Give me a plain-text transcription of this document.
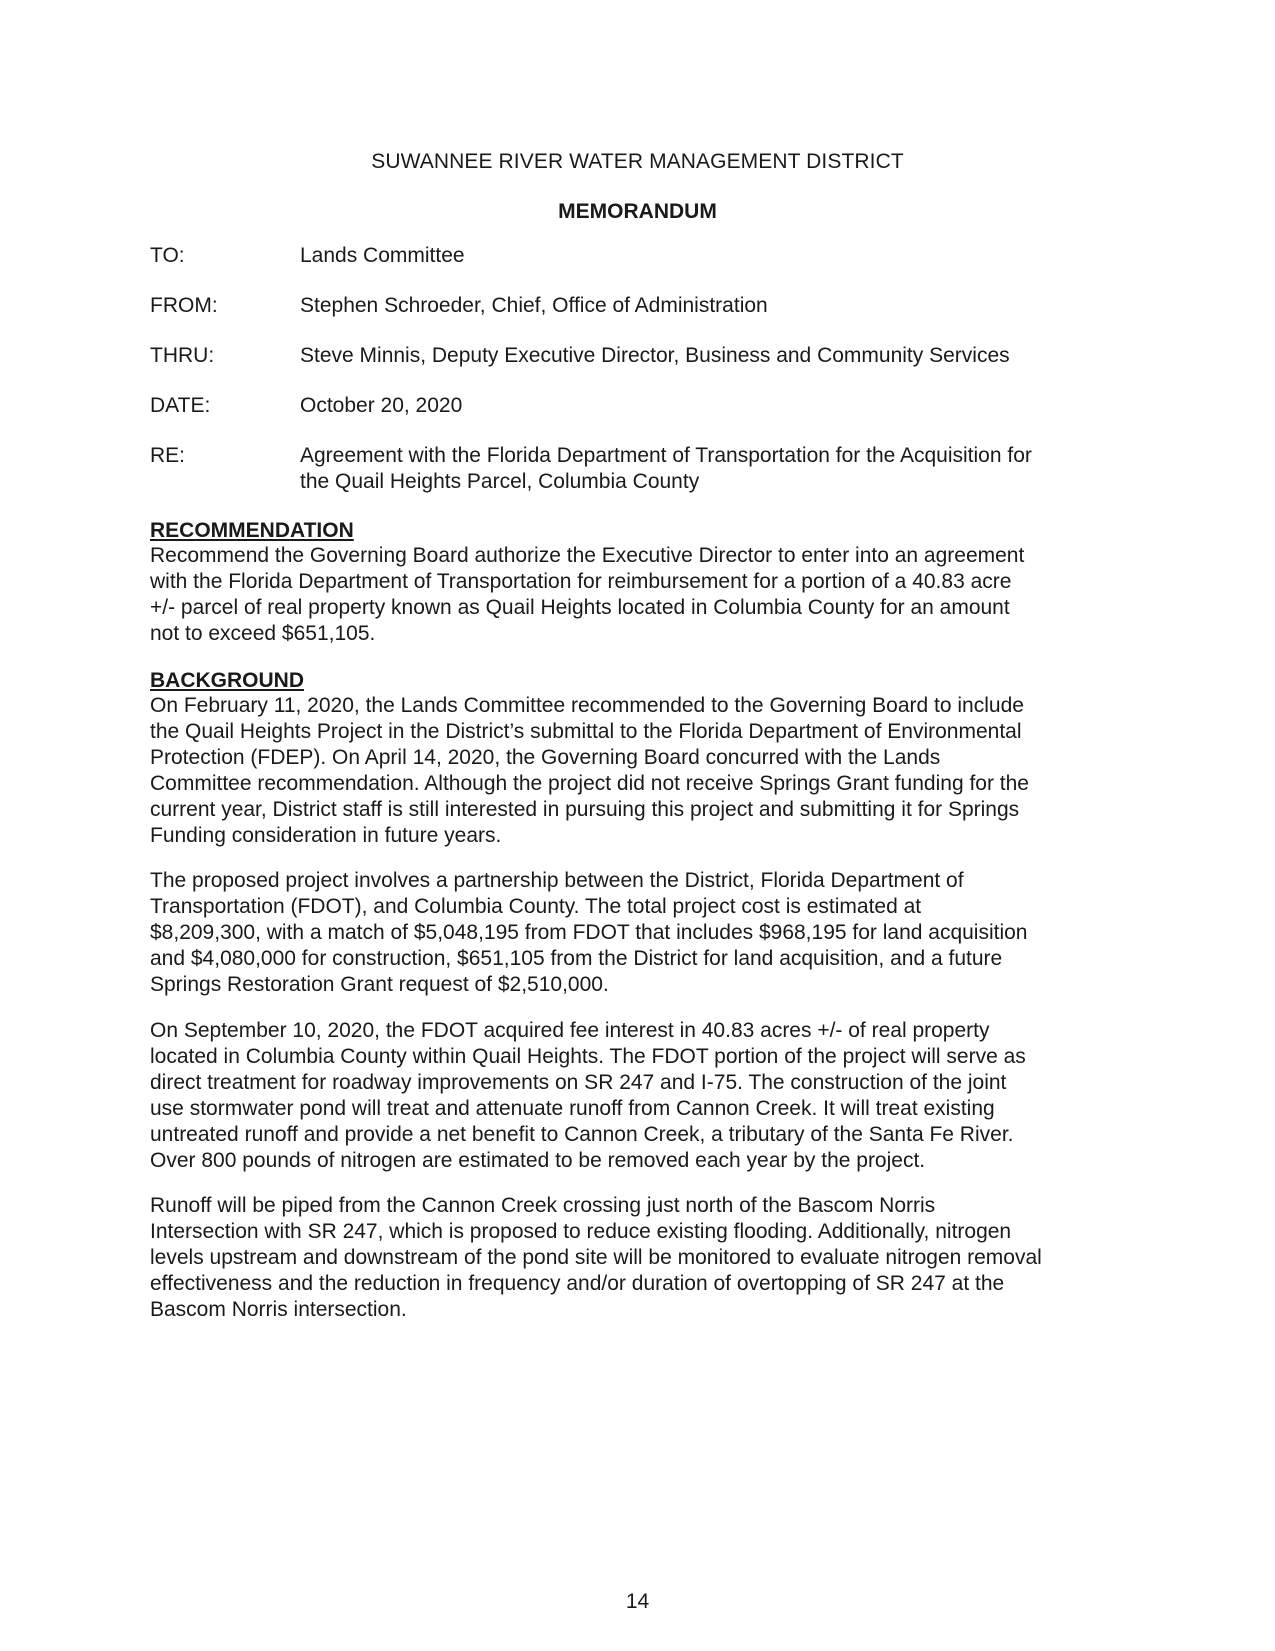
SUWANNEE RIVER WATER MANAGEMENT DISTRICT
MEMORANDUM
TO:	Lands Committee
FROM:	Stephen Schroeder, Chief, Office of Administration
THRU:	Steve Minnis, Deputy Executive Director, Business and Community Services
DATE:	October 20, 2020
RE:	Agreement with the Florida Department of Transportation for the Acquisition for
the Quail Heights Parcel, Columbia County
RECOMMENDATION
Recommend the Governing Board authorize the Executive Director to enter into an agreement
with the Florida Department of Transportation for reimbursement for a portion of a 40.83 acre
+/- parcel of real property known as Quail Heights located in Columbia County for an amount
not to exceed $651,105.
BACKGROUND
On February 11, 2020, the Lands Committee recommended to the Governing Board to include
the Quail Heights Project in the District’s submittal to the Florida Department of Environmental
Protection (FDEP). On April 14, 2020, the Governing Board concurred with the Lands
Committee recommendation. Although the project did not receive Springs Grant funding for the
current year, District staff is still interested in pursuing this project and submitting it for Springs
Funding consideration in future years.
The proposed project involves a partnership between the District, Florida Department of
Transportation (FDOT), and Columbia County. The total project cost is estimated at
$8,209,300, with a match of $5,048,195 from FDOT that includes $968,195 for land acquisition
and $4,080,000 for construction, $651,105 from the District for land acquisition, and a future
Springs Restoration Grant request of $2,510,000.
On September 10, 2020, the FDOT acquired fee interest in 40.83 acres +/- of real property
located in Columbia County within Quail Heights. The FDOT portion of the project will serve as
direct treatment for roadway improvements on SR 247 and I-75. The construction of the joint
use stormwater pond will treat and attenuate runoff from Cannon Creek. It will treat existing
untreated runoff and provide a net benefit to Cannon Creek, a tributary of the Santa Fe River.
Over 800 pounds of nitrogen are estimated to be removed each year by the project.
Runoff will be piped from the Cannon Creek crossing just north of the Bascom Norris
Intersection with SR 247, which is proposed to reduce existing flooding. Additionally, nitrogen
levels upstream and downstream of the pond site will be monitored to evaluate nitrogen removal
effectiveness and the reduction in frequency and/or duration of overtopping of SR 247 at the
Bascom Norris intersection.
14
